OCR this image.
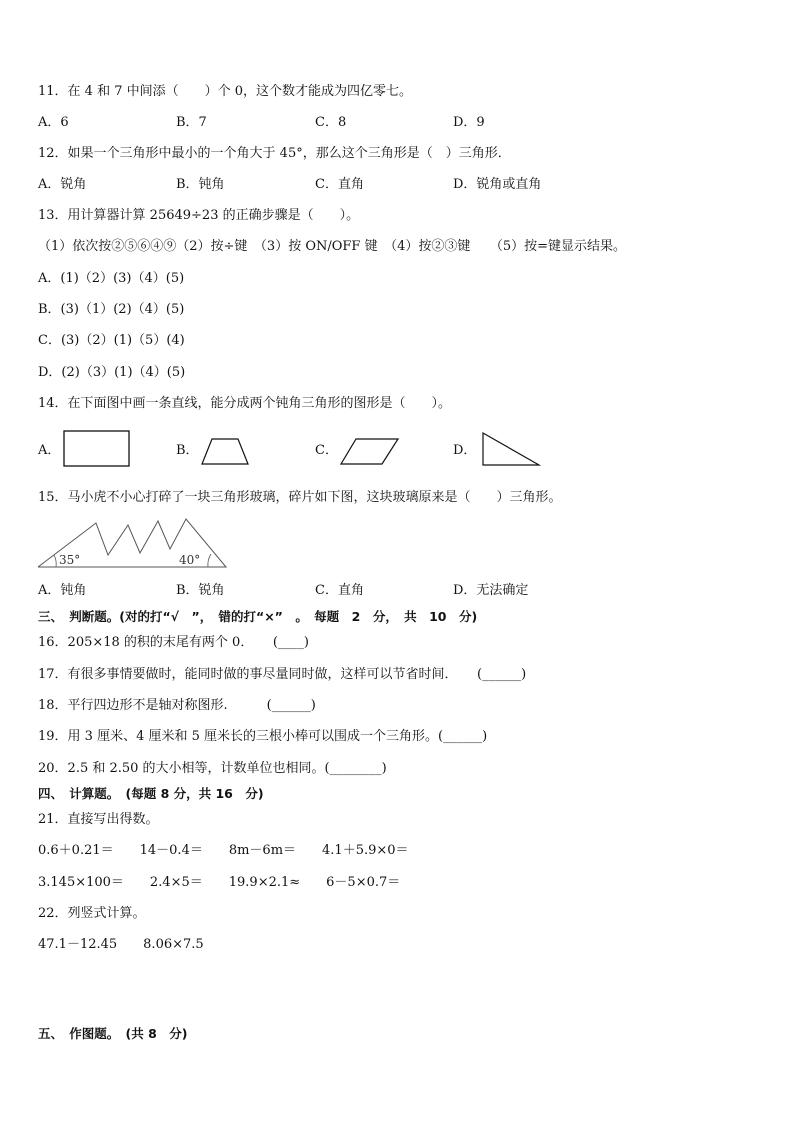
11．在 4 和 7 中间添（　　）个 0，这个数才能成为四亿零七。
A．6	B．7	C．8	D．9
12．如果一个三角形中最小的一个角大于 45°，那么这个三角形是（　）三角形．
A．锐角	B．钝角	C．直角	D．锐角或直角
13．用计算器计算 25649÷23 的正确步骤是（　　）。
（1）依次按②⑤⑥④⑨（2）按÷键　（3）按 ON/OFF 键　（4）按②③键　　（5）按=键显示结果。
A．(1)（2）(3)（4）(5)
B．(3)（1）(2)（4）(5)
C．(3)（2）(1)（5）(4)
D．(2)（3）(1)（4）(5)
14．在下面图中画一条直线，能分成两个钝角三角形的图形是（　　）。
A．	B．	C．	D．
15．马小虎不小心打碎了一块三角形玻璃，碎片如下图，这块玻璃原来是（　　）三角形。
35°	40°
A．钝角	B．锐角	C．直角	D．无法确定
三、　判断题。(对的打“√　”，　错的打“×”　。　每题　2　分，　共　10　分)
16．205×18 的积的末尾有两个 0．　　(____)
17．有很多事情要做时，能同时做的事尽量同时做，这样可以节省时间．　　(______)
18．平行四边形不是轴对称图形.　　　(______)
19．用 3 厘米、4 厘米和 5 厘米长的三根小棒可以围成一个三角形。(______)
20．2.5 和 2.50 的大小相等，计数单位也相同。(________)
四、　计算题。　(每题 8 分，共 16　分)
21．直接写出得数。
0.6＋0.21＝　　14－0.4＝　　8m－6m＝　　4.1＋5.9×0＝
3.145×100＝　　2.4×5＝　　19.9×2.1≈　　6－5×0.7＝
22．列竖式计算。
47.1－12.45　　8.06×7.5
五、　作图题。　(共 8　分)
